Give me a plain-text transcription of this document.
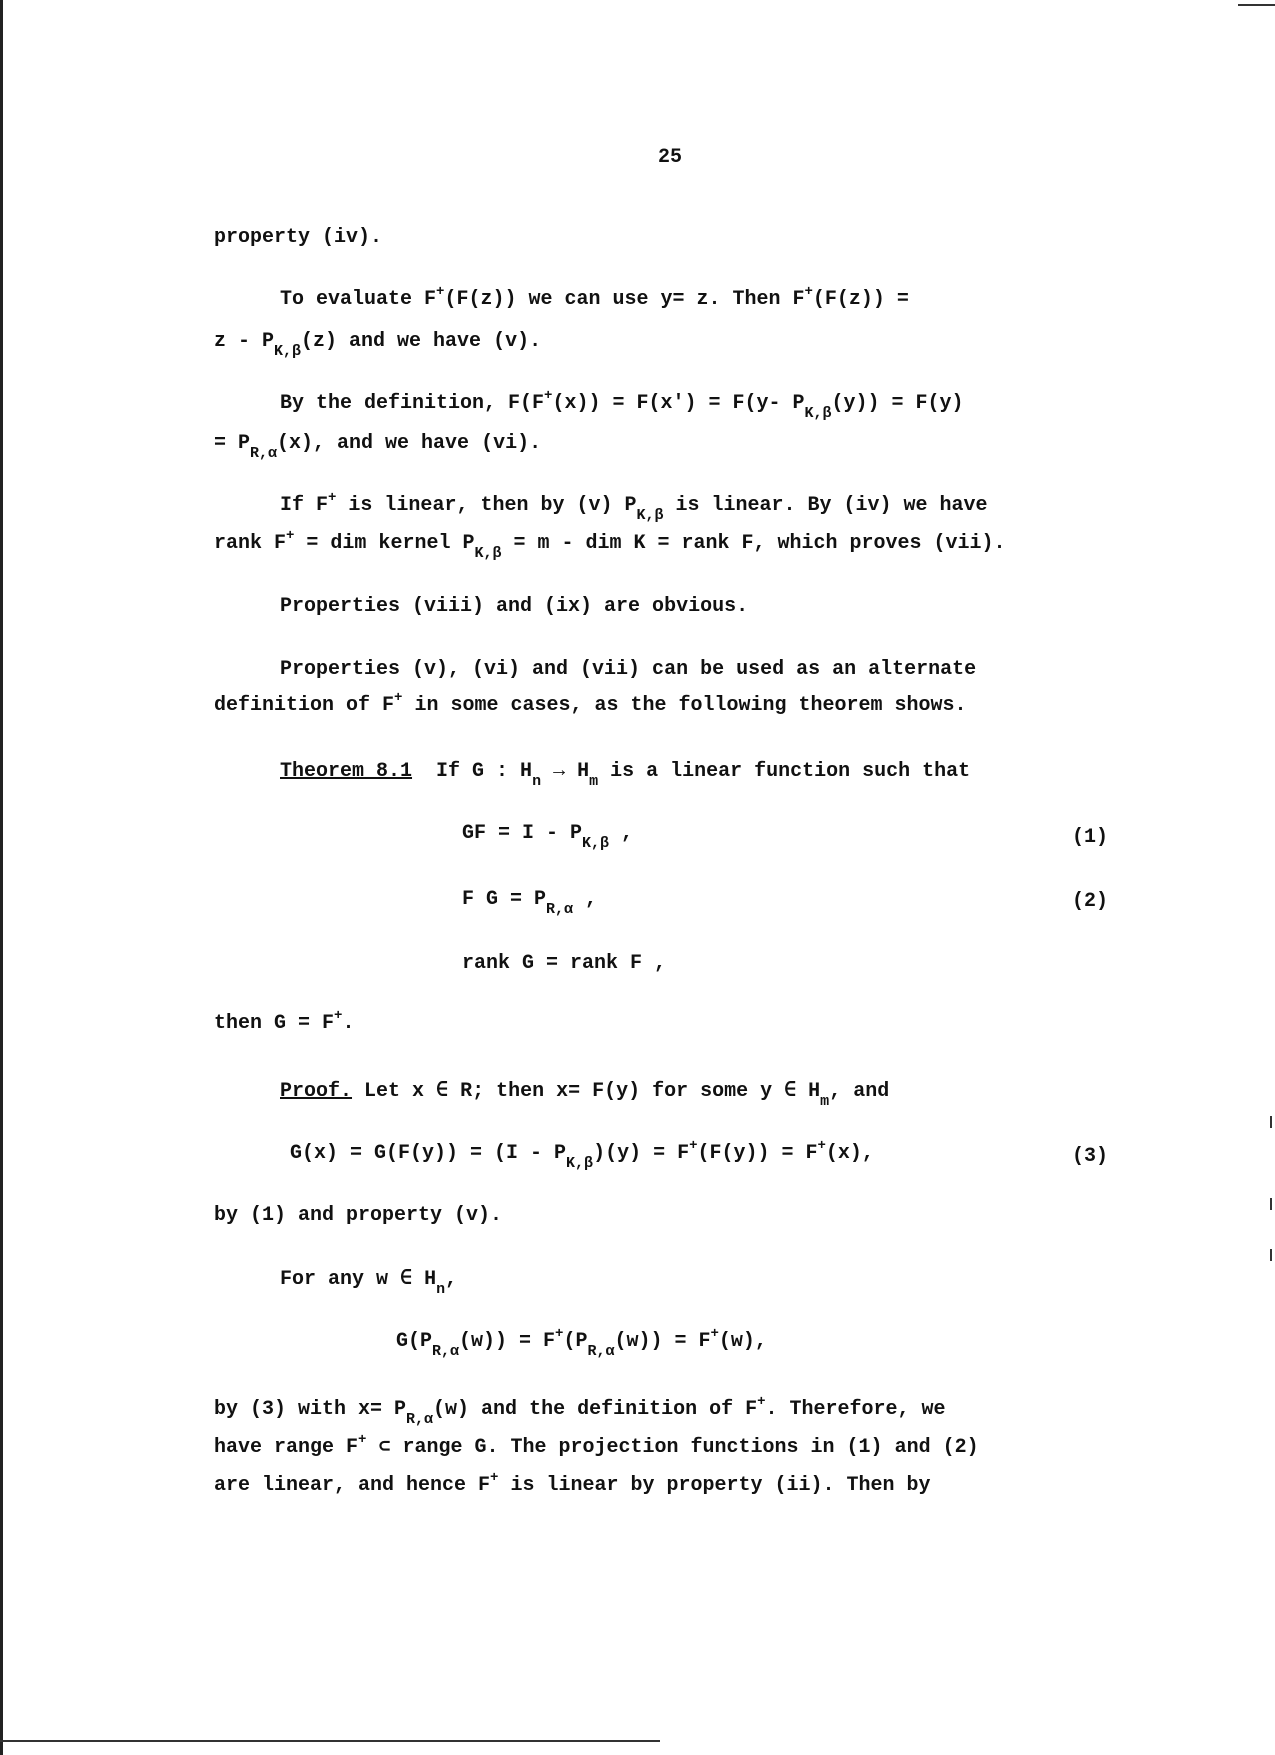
25
property (iv).
To evaluate F+(F(z)) we can use y= z. Then F+(F(z)) =
z - $P_{K,\beta}(z)$ and we have (v).
By the definition, F(F+(x)) = F(x') = F(y- $P_{K,\beta}(y)) = F(y)$
= $P_{R,\alpha}(x)$, and we have (vi).
If F+ is linear, then by (v) $P_{K,\beta}$ is linear. By (iv) we have
rank F+ = dim kernel $P_{K,\beta} = m$ - dim K = rank F, which proves (vii).
Properties (viii) and (ix) are obvious.
Properties (v), (vi) and (vii) can be used as an alternate
definition of F+ in some cases, as the following theorem shows.
Theorem 8.1 If G : $H_n \to H_m$ is a linear function such that
GF = I - $P_{K,\beta}$ ,	(1)
F $G = P_{R,\alpha}$ ,	(2)
rank G = rank F ,
then G = F+.
Proof. Let x ∈ R; then x= F(y) for some y ∈ $H_m$, and
$G(x) = G(F(y)) = (I - P_{K,\beta})(y) = F^+(F(y)) = F^+(x)$,	(3)
by (1) and property (v).
For any w ∈ $H_n$,
$G(P_{R,\alpha}(w)) = F^+(P_{R,\alpha}(w)) = F^+(w)$,
by (3) with $x= P_{R,\alpha}(w)$ and the definition of F+. Therefore, we
have range F+ ⊂ range G. The projection functions in (1) and (2)
are linear, and hence F+ is linear by property (ii). Then by
